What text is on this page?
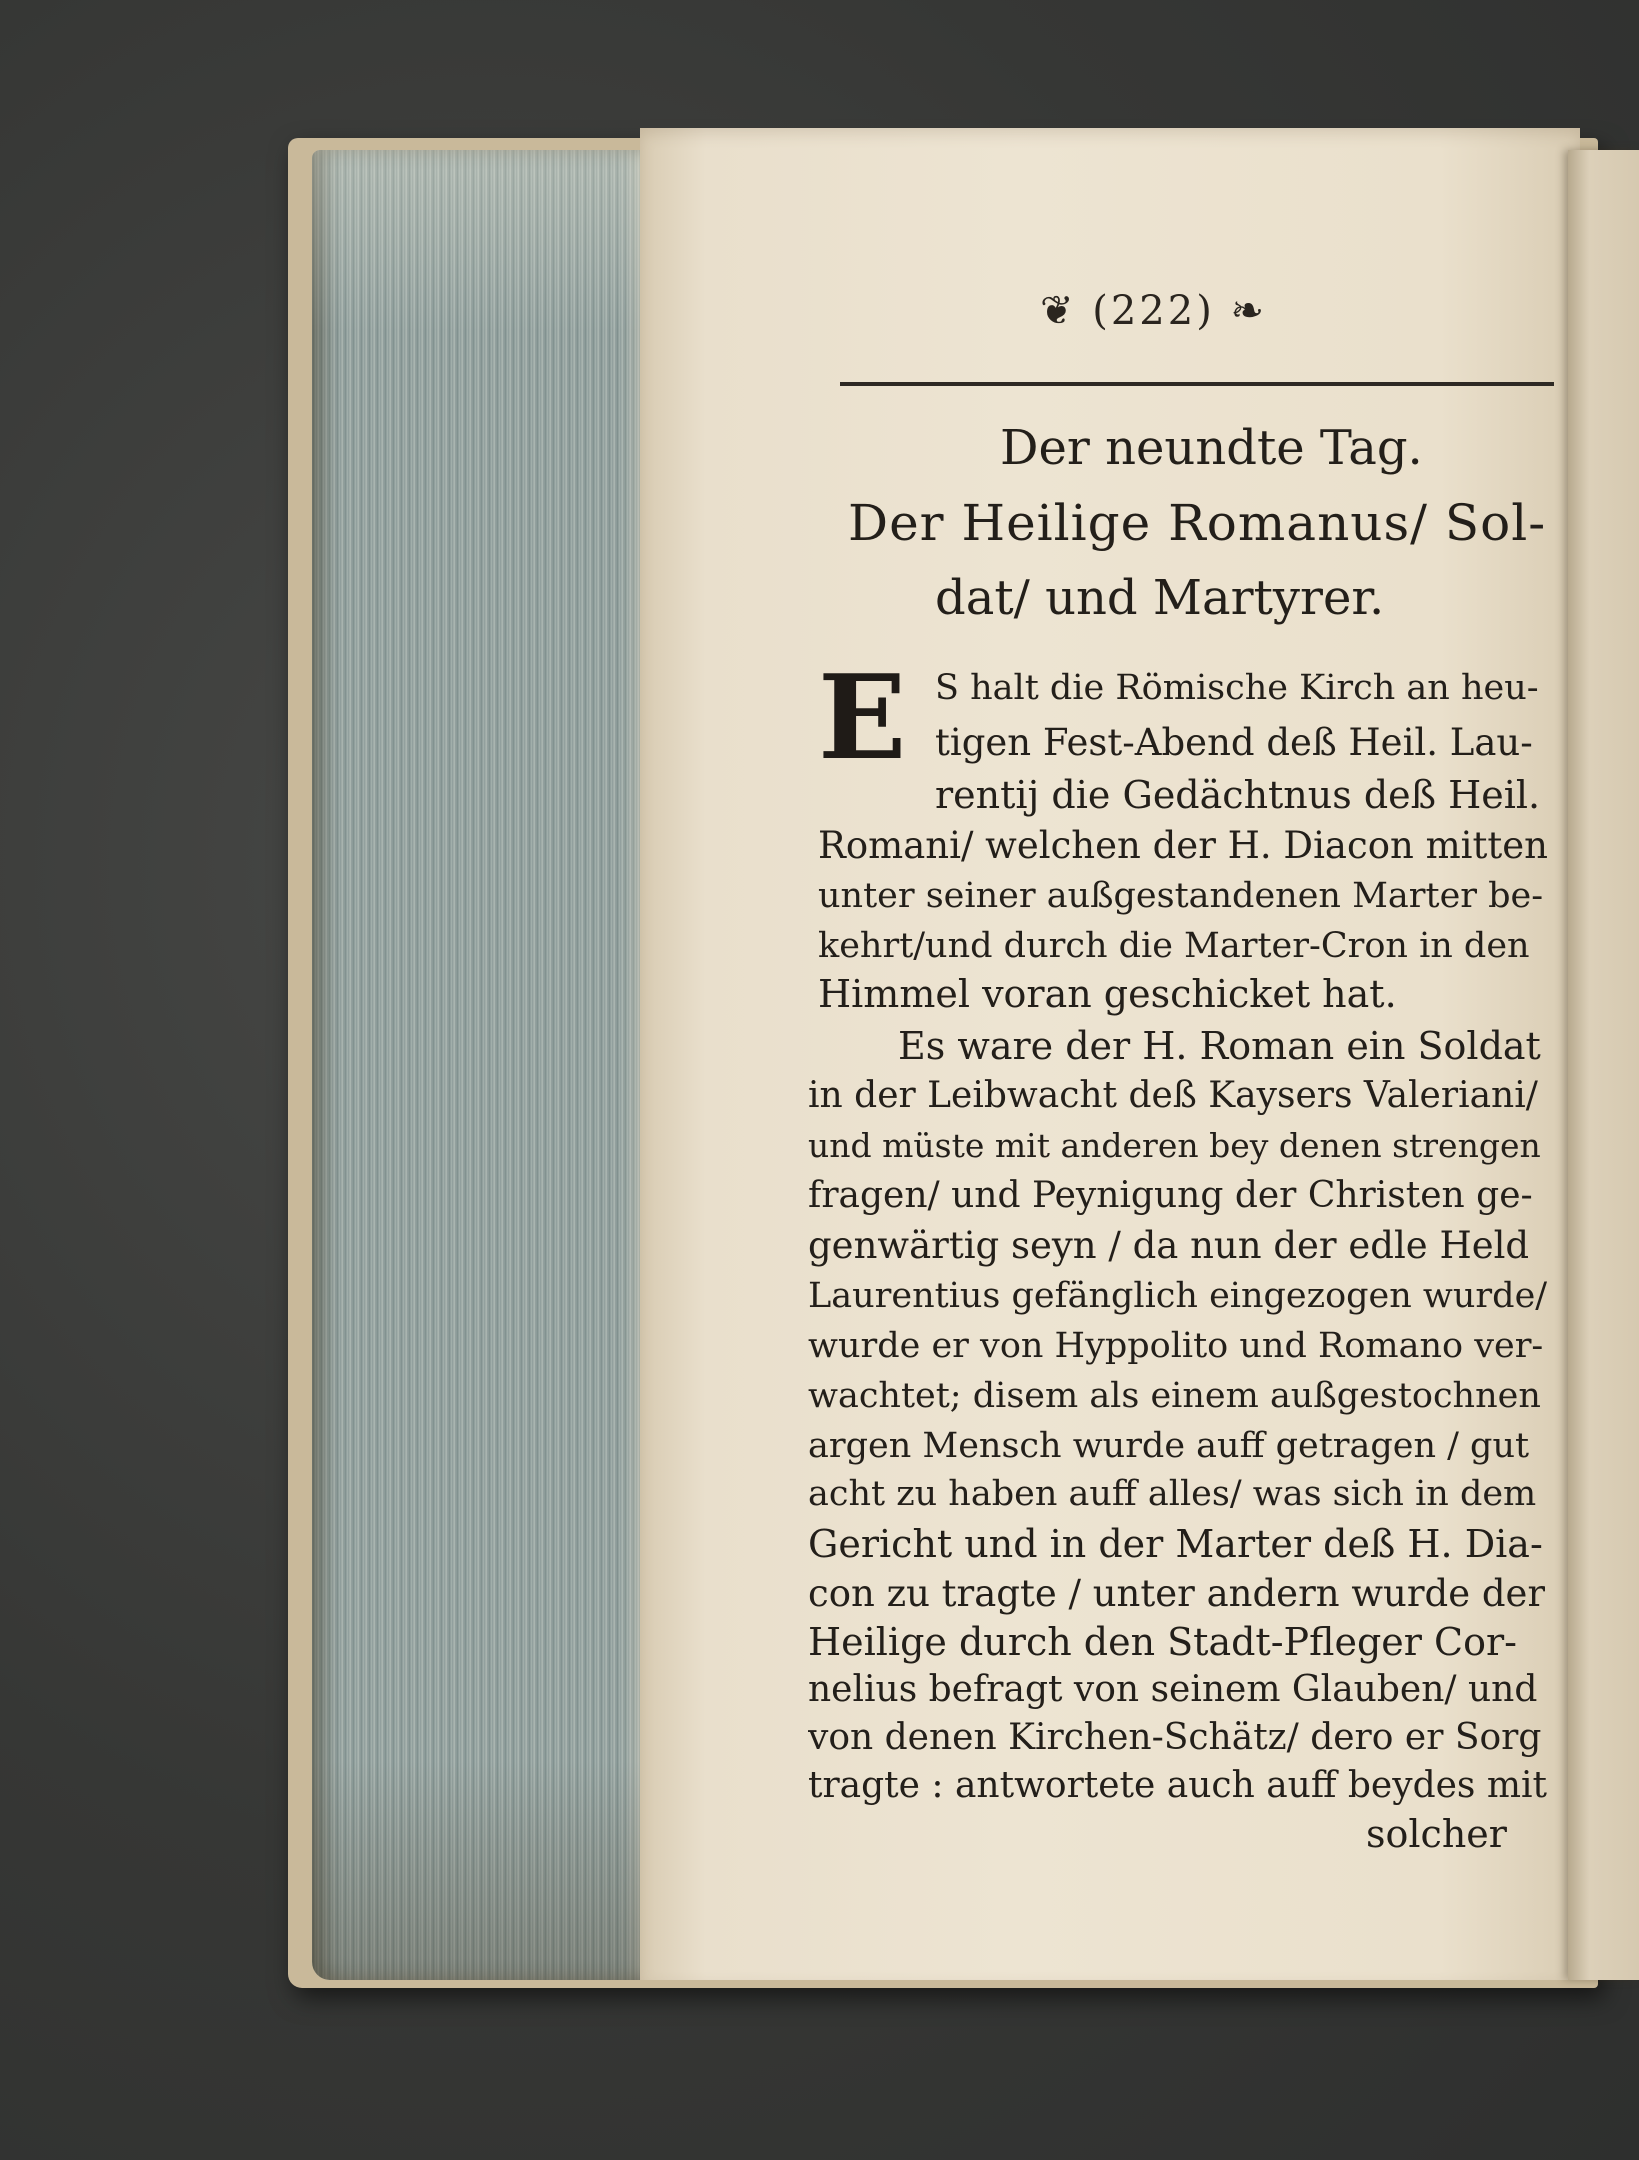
❦ (222) ❧
Der neundte Tag.
Der Heilige Romanus/ Sol-
dat/ und Martyrer.
E S halt die Römische Kirch an heu-
tigen Fest-Abend deß Heil. Lau-
rentij die Gedächtnus deß Heil.
Romani/ welchen der H. Diacon mitten
unter seiner außgestandenen Marter be-
kehrt/und durch die Marter-Cron in den
Himmel voran geschicket hat.
Es ware der H. Roman ein Soldat
in der Leibwacht deß Kaysers Valeriani/
und müste mit anderen bey denen strengen
fragen/ und Peynigung der Christen ge-
genwärtig seyn / da nun der edle Held
Laurentius gefänglich eingezogen wurde/
wurde er von Hyppolito und Romano ver-
wachtet; disem als einem außgestochnen
argen Mensch wurde auff getragen / gut
acht zu haben auff alles/ was sich in dem
Gericht und in der Marter deß H. Dia-
con zu tragte / unter andern wurde der
Heilige durch den Stadt-Pfleger Cor-
nelius befragt von seinem Glauben/ und
von denen Kirchen-Schätz/ dero er Sorg
tragte : antwortete auch auff beydes mit
solcher
